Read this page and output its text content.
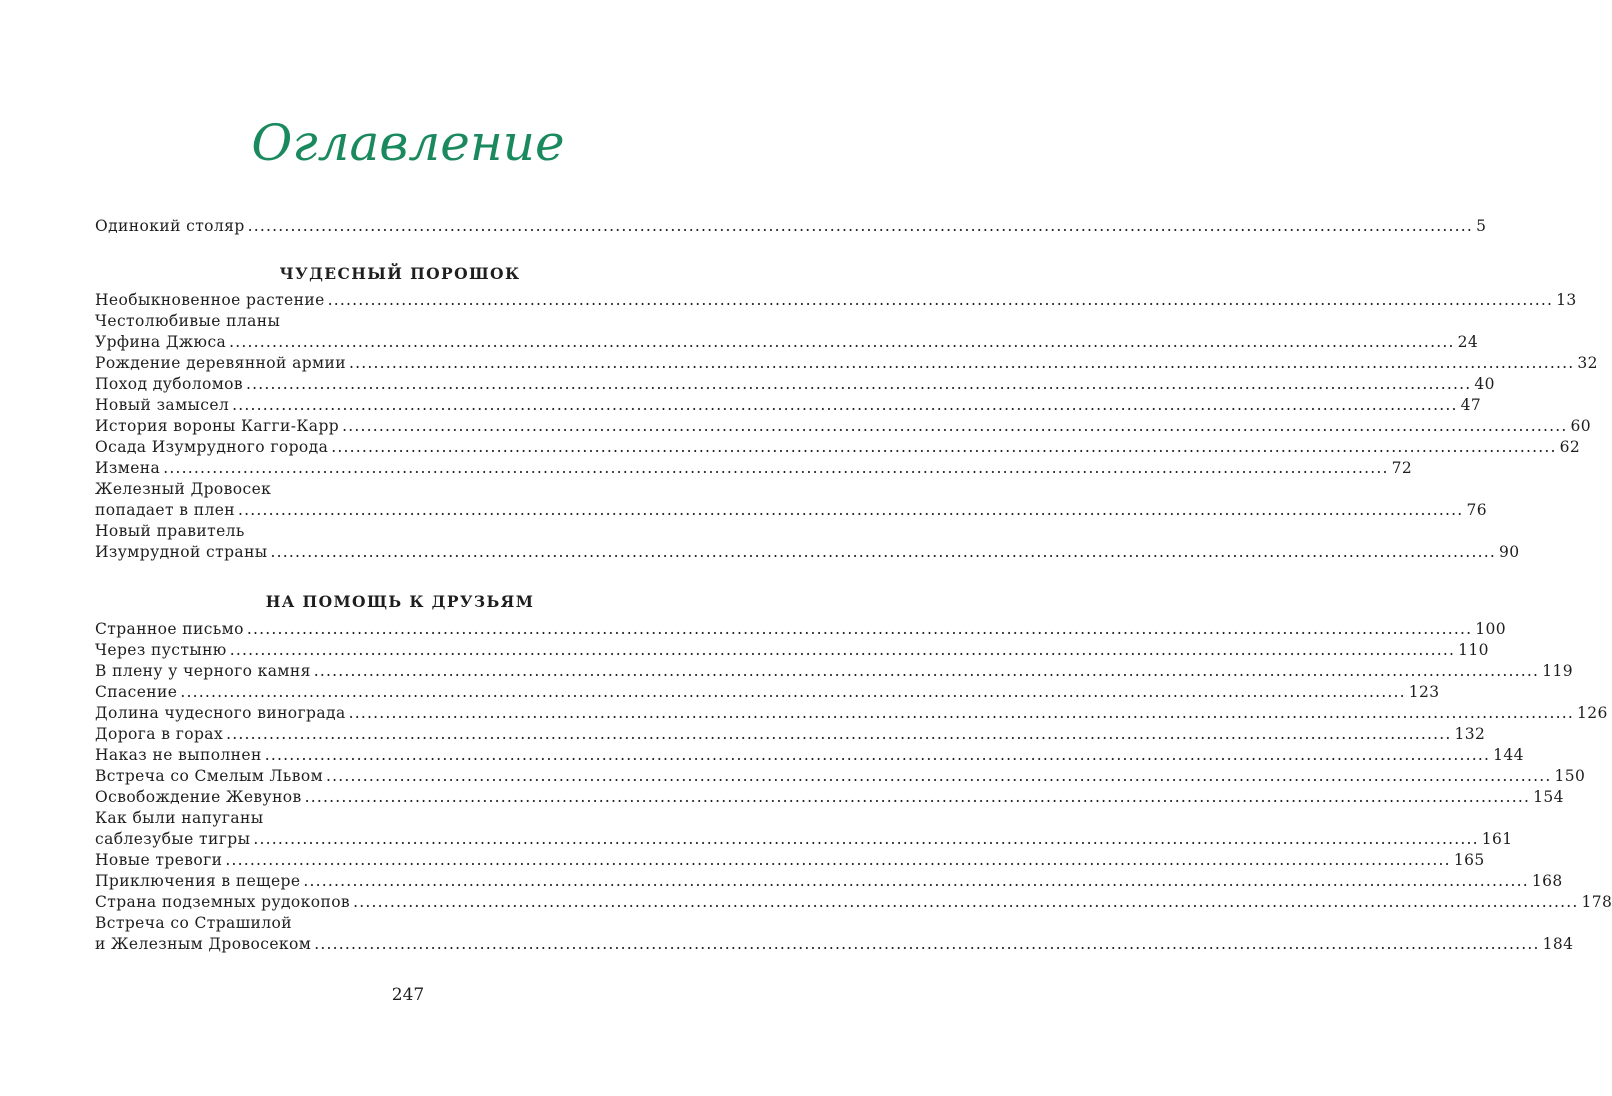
Оглавление
Одинокий столяр ........................................................................................................................................................................................................ 5
ЧУДЕСНЫЙ ПОРОШОК
Необыкновенное растение ........................................................................................................................................................................................................ 13
Честолюбивые планы
Урфина Джюса ........................................................................................................................................................................................................ 24
Рождение деревянной армии ........................................................................................................................................................................................................ 32
Поход дуболомов ........................................................................................................................................................................................................ 40
Новый замысел ........................................................................................................................................................................................................ 47
История вороны Кагги-Карр ........................................................................................................................................................................................................ 60
Осада Изумрудного города ........................................................................................................................................................................................................ 62
Измена ........................................................................................................................................................................................................ 72
Железный Дровосек
попадает в плен ........................................................................................................................................................................................................ 76
Новый правитель
Изумрудной страны ........................................................................................................................................................................................................ 90
НА ПОМОЩЬ К ДРУЗЬЯМ
Странное письмо ........................................................................................................................................................................................................ 100
Через пустыню ........................................................................................................................................................................................................ 110
В плену у черного камня ........................................................................................................................................................................................................ 119
Спасение ........................................................................................................................................................................................................ 123
Долина чудесного винограда ........................................................................................................................................................................................................ 126
Дорога в горах ........................................................................................................................................................................................................ 132
Наказ не выполнен ........................................................................................................................................................................................................ 144
Встреча со Смелым Львом ........................................................................................................................................................................................................ 150
Освобождение Жевунов ........................................................................................................................................................................................................ 154
Как были напуганы
саблезубые тигры ........................................................................................................................................................................................................ 161
Новые тревоги ........................................................................................................................................................................................................ 165
Приключения в пещере ........................................................................................................................................................................................................ 168
Страна подземных рудокопов ........................................................................................................................................................................................................ 178
Встреча со Страшилой
и Железным Дровосеком ........................................................................................................................................................................................................ 184
247
